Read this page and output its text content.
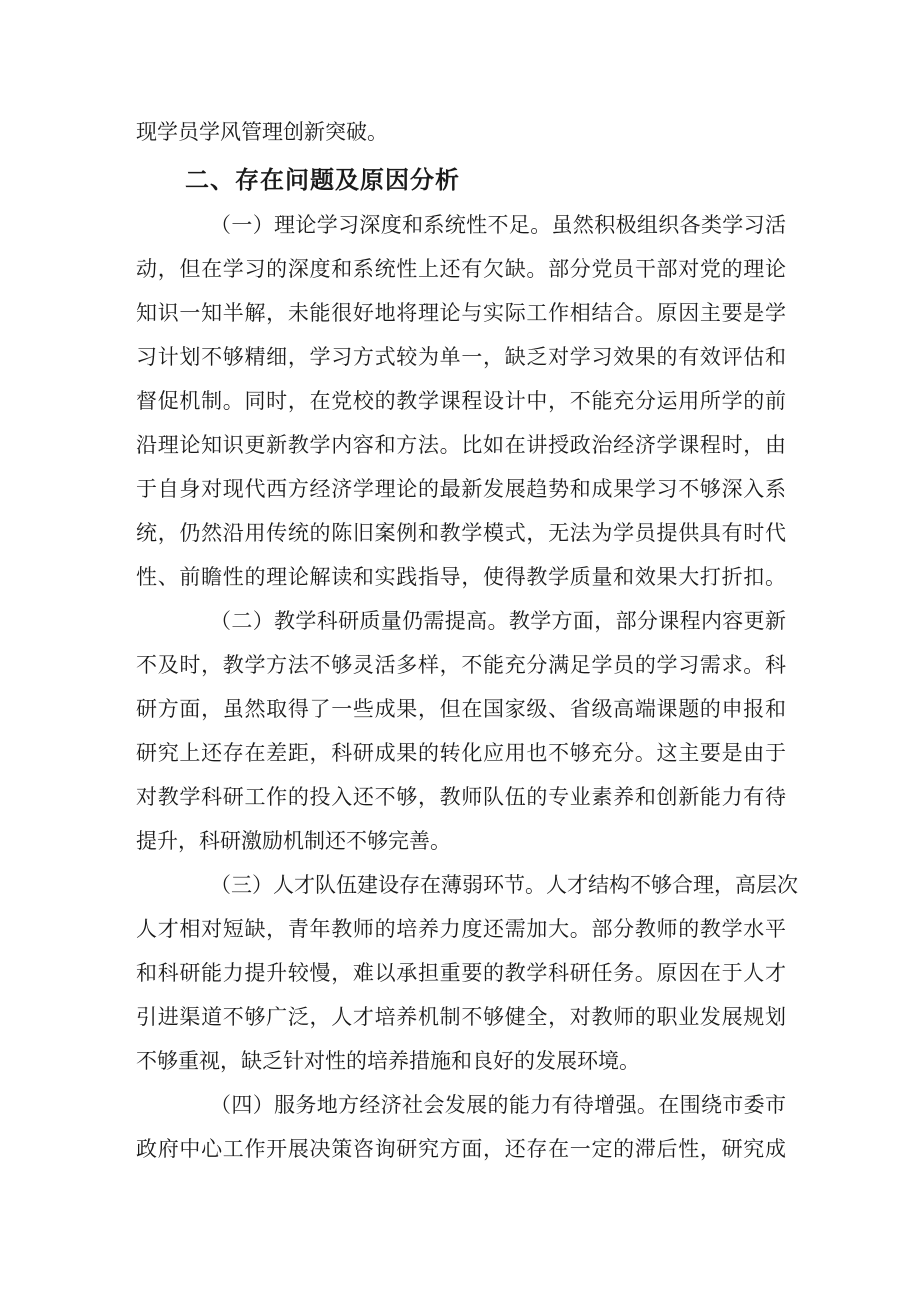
现学员学风管理创新突破。
二、存在问题及原因分析
（一）理论学习深度和系统性不足。虽然积极组织各类学习活
动，但在学习的深度和系统性上还有欠缺。部分党员干部对党的理论
知识一知半解，未能很好地将理论与实际工作相结合。原因主要是学
习计划不够精细，学习方式较为单一，缺乏对学习效果的有效评估和
督促机制。同时，在党校的教学课程设计中，不能充分运用所学的前
沿理论知识更新教学内容和方法。比如在讲授政治经济学课程时，由
于自身对现代西方经济学理论的最新发展趋势和成果学习不够深入系
统，仍然沿用传统的陈旧案例和教学模式，无法为学员提供具有时代
性、前瞻性的理论解读和实践指导，使得教学质量和效果大打折扣。
（二）教学科研质量仍需提高。教学方面，部分课程内容更新
不及时，教学方法不够灵活多样，不能充分满足学员的学习需求。科
研方面，虽然取得了一些成果，但在国家级、省级高端课题的申报和
研究上还存在差距，科研成果的转化应用也不够充分。这主要是由于
对教学科研工作的投入还不够，教师队伍的专业素养和创新能力有待
提升，科研激励机制还不够完善。
（三）人才队伍建设存在薄弱环节。人才结构不够合理，高层次
人才相对短缺，青年教师的培养力度还需加大。部分教师的教学水平
和科研能力提升较慢，难以承担重要的教学科研任务。原因在于人才
引进渠道不够广泛，人才培养机制不够健全，对教师的职业发展规划
不够重视，缺乏针对性的培养措施和良好的发展环境。
（四）服务地方经济社会发展的能力有待增强。在围绕市委市
政府中心工作开展决策咨询研究方面，还存在一定的滞后性，研究成
